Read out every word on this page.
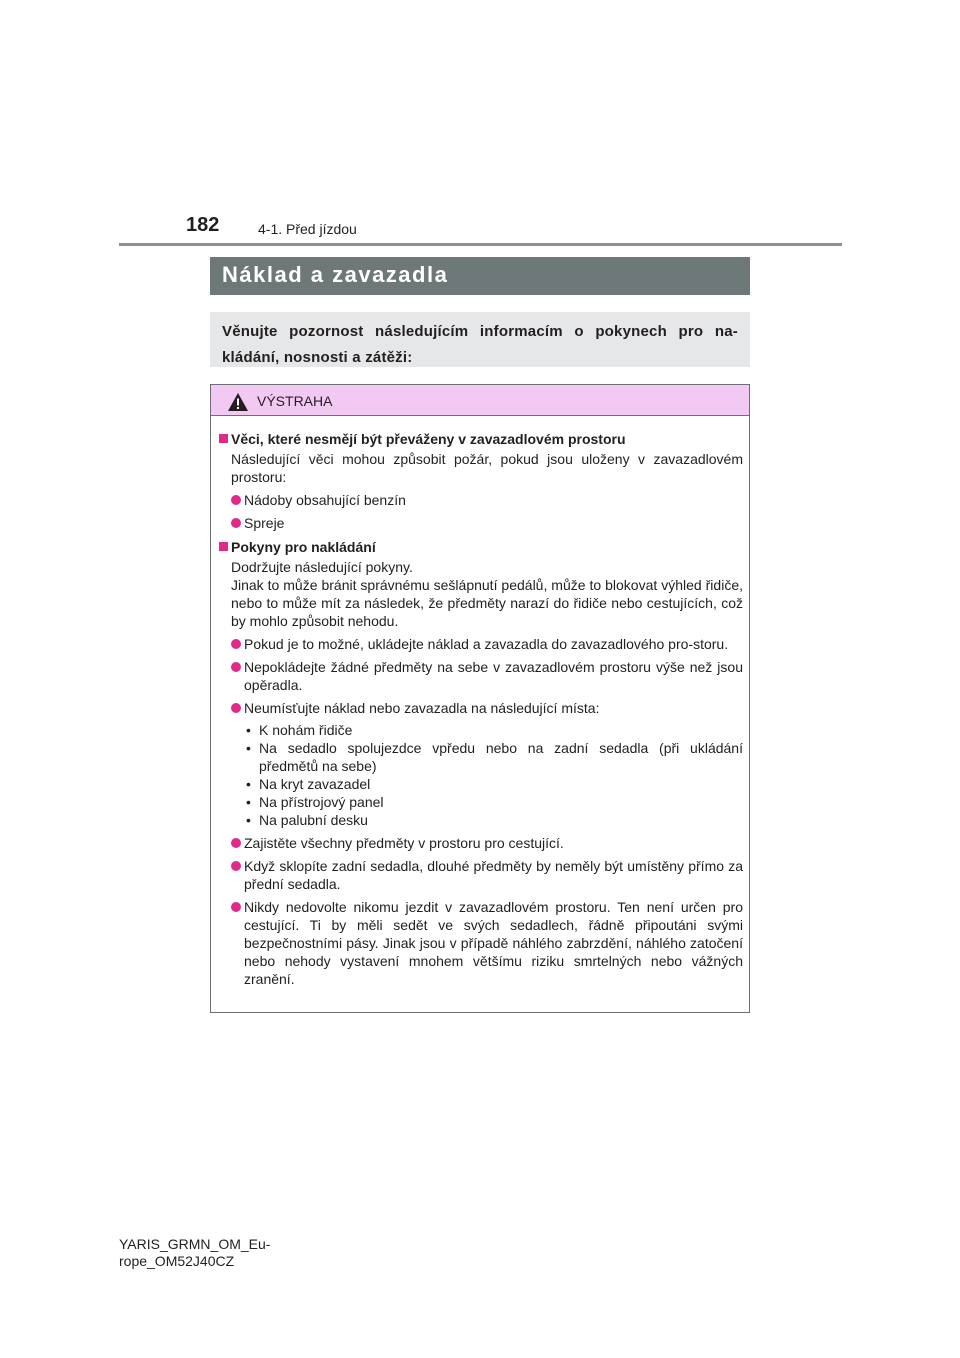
182	4-1. Před jízdou
Náklad a zavazadla
Věnujte pozornost následujícím informacím o pokynech pro na-kládání, nosnosti a zátěži:
VÝSTRAHA
Věci, které nesmějí být převáženy v zavazadlovém prostoru

Následující věci mohou způsobit požár, pokud jsou uloženy v zavazadlovém prostoru:

Nádoby obsahující benzín
Spreje
Pokyny pro nakládání

Dodržujte následující pokyny.

Jinak to může bránit správnému sešlápnutí pedálů, může to blokovat výhled řidiče, nebo to může mít za následek, že předměty narazí do řidiče nebo cestujících, což by mohlo způsobit nehodu.

Pokud je to možné, ukládejte náklad a zavazadla do zavazadlového pro-storu.
Nepokládejte žádné předměty na sebe v zavazadlovém prostoru výše než jsou opěradla.
Neumísťujte náklad nebo zavazadla na následující místa:
• K nohám řidiče
• Na sedadlo spolujezdce vpředu nebo na zadní sedadla (při ukládání předmětů na sebe)
• Na kryt zavazadel
• Na přístrojový panel
• Na palubní desku
Zajistěte všechny předměty v prostoru pro cestující.
Když sklopíte zadní sedadla, dlouhé předměty by neměly být umístěny přímo za přední sedadla.
Nikdy nedovolte nikomu jezdit v zavazadlovém prostoru. Ten není určen pro cestující. Ti by měli sedět ve svých sedadlech, řádně připoutáni svými bezpečnostními pásy. Jinak jsou v případě náhlého zabrzdění, náhlého zatočení nebo nehody vystavení mnohem většímu riziku smrtelných nebo vážných zranění.
YARIS_GRMN_OM_Eu-
rope_OM52J40CZ
